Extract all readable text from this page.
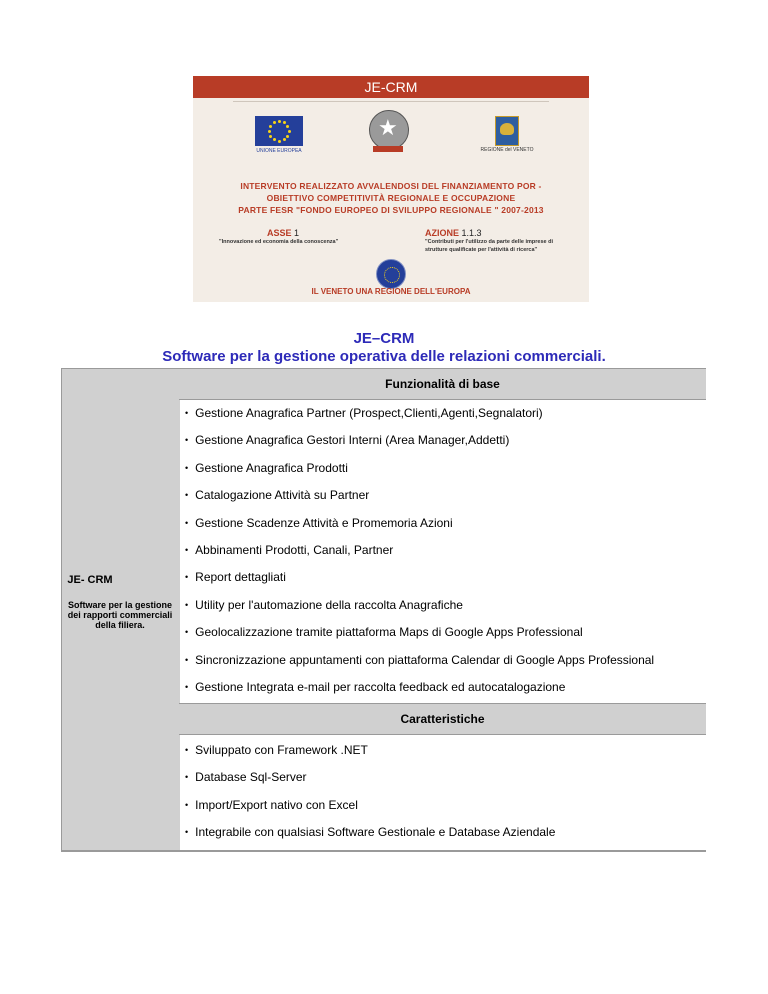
JE-CRM
UNIONE EUROPEA
★	REGIONE del VENETO
INTERVENTO REALIZZATO AVVALENDOSI DEL FINANZIAMENTO POR -
OBIETTIVO COMPETITIVITÀ REGIONALE E OCCUPAZIONE
PARTE FESR "FONDO EUROPEO DI SVILUPPO REGIONALE " 2007-2013
ASSE 1
"Innovazione ed economia della conoscenza"
AZIONE 1.1.3
"Contributi per l'utilizzo da parte delle imprese di strutture qualificate per l'attività di ricerca"
IL VENETO UNA REGIONE DELL'EUROPA
JE–CRM
Software per la gestione operativa delle relazioni commerciali.
JE- CRM
Software per la gestione dei rapporti commerciali della filiera.
Funzionalità di base
• Gestione Anagrafica Partner (Prospect,Clienti,Agenti,Segnalatori)
• Gestione Anagrafica Gestori Interni (Area Manager,Addetti)
• Gestione Anagrafica Prodotti
• Catalogazione Attività su Partner
• Gestione Scadenze Attività e Promemoria Azioni
• Abbinamenti Prodotti, Canali, Partner
• Report dettagliati
• Utility per l'automazione della raccolta Anagrafiche
• Geolocalizzazione tramite piattaforma Maps di Google Apps Professional
• Sincronizzazione appuntamenti con piattaforma Calendar di Google Apps Professional
• Gestione Integrata e-mail per raccolta feedback ed autocatalogazione
Caratteristiche
• Sviluppato con Framework .NET
• Database Sql-Server
• Import/Export nativo con Excel
• Integrabile con qualsiasi Software Gestionale e Database Aziendale
